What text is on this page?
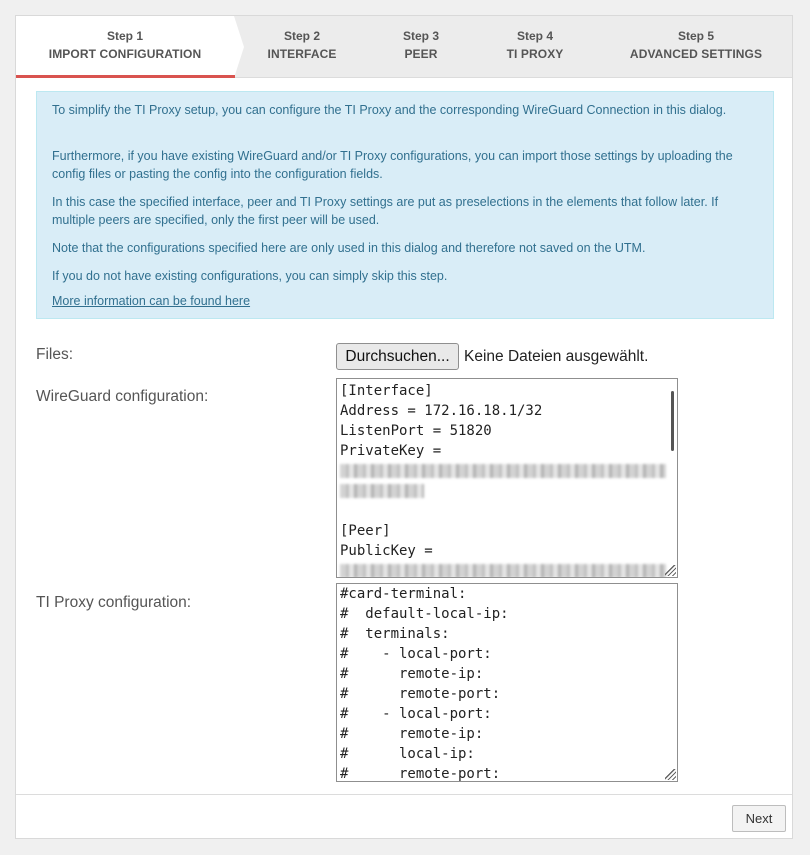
Step 1
IMPORT CONFIGURATION
Step 2
INTERFACE
Step 3
PEER
Step 4
TI PROXY
Step 5
ADVANCED SETTINGS

To simplify the TI Proxy setup, you can configure the TI Proxy and the corresponding WireGuard Connection in this dialog.

Furthermore, if you have existing WireGuard and/or TI Proxy configurations, you can import those settings by uploading the config files or pasting the config into the configuration fields.

In this case the specified interface, peer and TI Proxy settings are put as preselections in the elements that follow later. If multiple peers are specified, only the first peer will be used.

Note that the configurations specified here are only used in this dialog and therefore not saved on the UTM.

If you do not have existing configurations, you can simply skip this step.

More information can be found here
Files:	Durchsuchen... Keine Dateien ausgewählt.
WireGuard configuration:	[Interface]
Address = 172.16.18.1/32
ListenPort = 51820
PrivateKey =

[Peer]
PublicKey =
TI Proxy configuration:	#card-terminal:
#  default-local-ip:
#  terminals:
#    - local-port:
#      remote-ip:
#      remote-port:
#    - local-port:
#      remote-ip:
#      local-ip:
#      remote-port:
Next
